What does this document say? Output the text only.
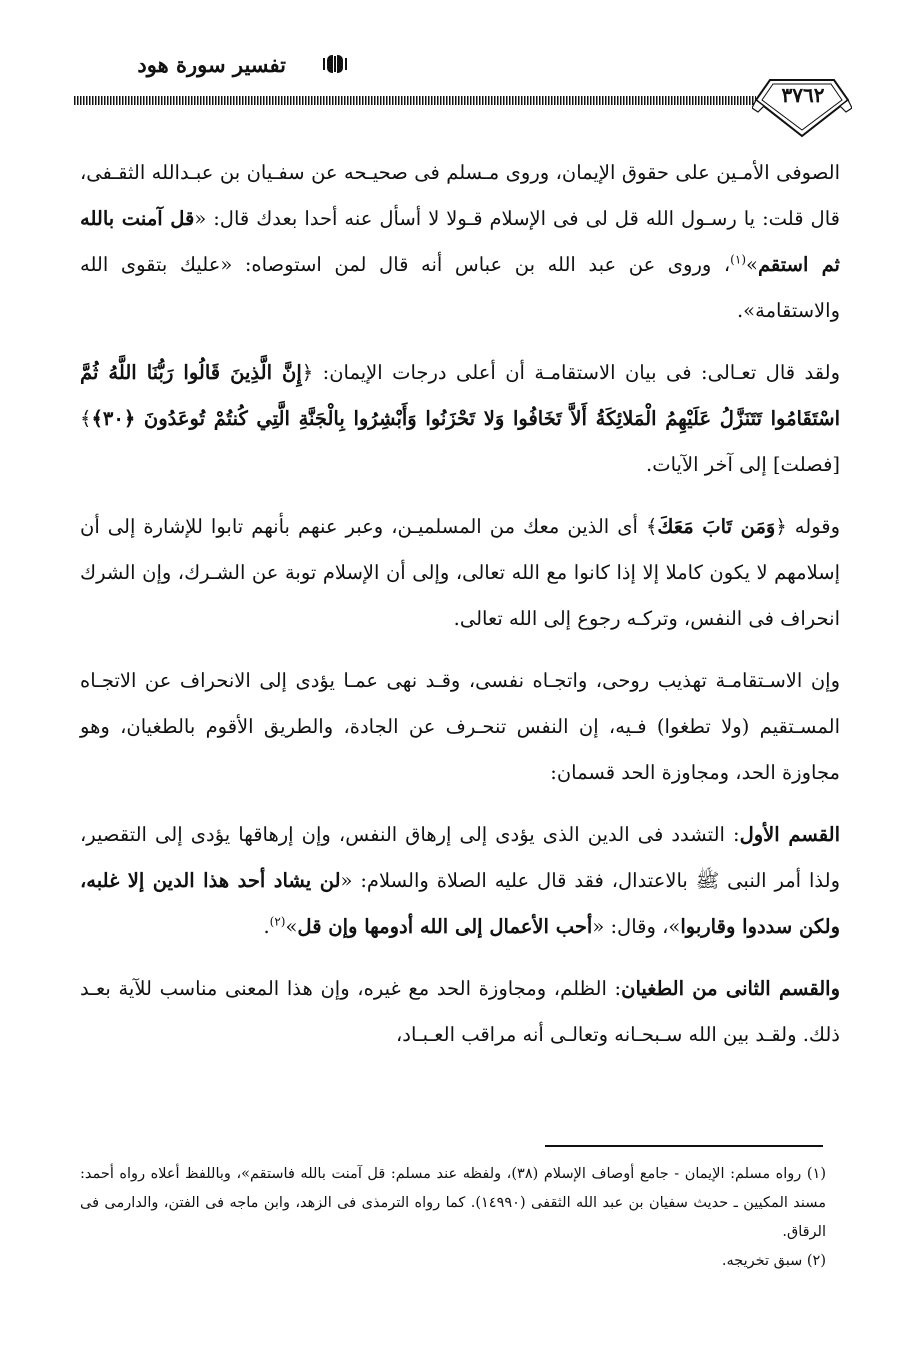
تفسير سورة هود
٣٧٦٢

الصوفى الأمـين على حقوق الإيمان، وروى مـسلم فى صحيـحه عن سفـيان بن عبـدالله الثقـفى، قال قلت: يا رسـول الله قل لى فى الإسلام قـولا لا أسأل عنه أحدا بعدك قال: «قل آمنت بالله ثم استقم»$^{(١)}$، وروى عن عبد الله بن عباس أنه قال لمن استوصاه: «عليك بتقوى الله والاستقامة».

ولقد قال تعـالى: فى بيان الاستقامـة أن أعلى درجات الإيمان: ﴿إِنَّ الَّذِينَ قَالُوا رَبُّنَا اللَّهُ ثُمَّ اسْتَقَامُوا تَتَنَزَّلُ عَلَيْهِمُ الْمَلائِكَةُ أَلاَّ تَخَافُوا وَلا تَحْزَنُوا وَأَبْشِرُوا بِالْجَنَّةِ الَّتِي كُنتُمْ تُوعَدُونَ ﴿٣٠﴾﴾ [فصلت] إلى آخر الآيات.

وقوله ﴿وَمَن تَابَ مَعَكَ﴾ أى الذين معك من المسلميـن، وعبر عنهم بأنهم تابوا للإشارة إلى أن إسلامهم لا يكون كاملا إلا إذا كانوا مع الله تعالى، وإلى أن الإسلام توبة عن الشـرك، وإن الشرك انحراف فى النفس، وتركـه رجوع إلى الله تعالى.

وإن الاسـتقامـة تهذيب روحى، واتجـاه نفسى، وقـد نهى عمـا يؤدى إلى الانحراف عن الاتجـاه المسـتقيم (ولا تطغوا) فـيه، إن النفس تنحـرف عن الجادة، والطريق الأقوم بالطغيان، وهو مجاوزة الحد، ومجاوزة الحد قسمان:

القسم الأول: التشدد فى الدين الذى يؤدى إلى إرهاق النفس، وإن إرهاقها يؤدى إلى التقصير، ولذا أمر النبى ﷺ بالاعتدال، فقد قال عليه الصلاة والسلام: «لن يشاد أحد هذا الدين إلا غلبه، ولكن سددوا وقاربوا»، وقال: «أحب الأعمال إلى الله أدومها وإن قل»$^{(٢)}$.

والقسم الثانى من الطغيان: الظلم، ومجاوزة الحد مع غيره، وإن هذا المعنى مناسب للآية بعـد ذلك. ولقـد بين الله سـبحـانه وتعالـى أنه مراقب العـبـاد،

(١) رواه مسلم: الإيمان - جامع أوصاف الإسلام (٣٨)، ولفظه عند مسلم: قل آمنت بالله فاستقم»، وباللفظ أعلاه رواه أحمد: مسند المكيين ـ حديث سفيان بن عبد الله الثقفى (١٤٩٩٠). كما رواه الترمذى فى الزهد، وابن ماجه فى الفتن، والدارمى فى الرقاق.

(٢) سبق تخريجه.
